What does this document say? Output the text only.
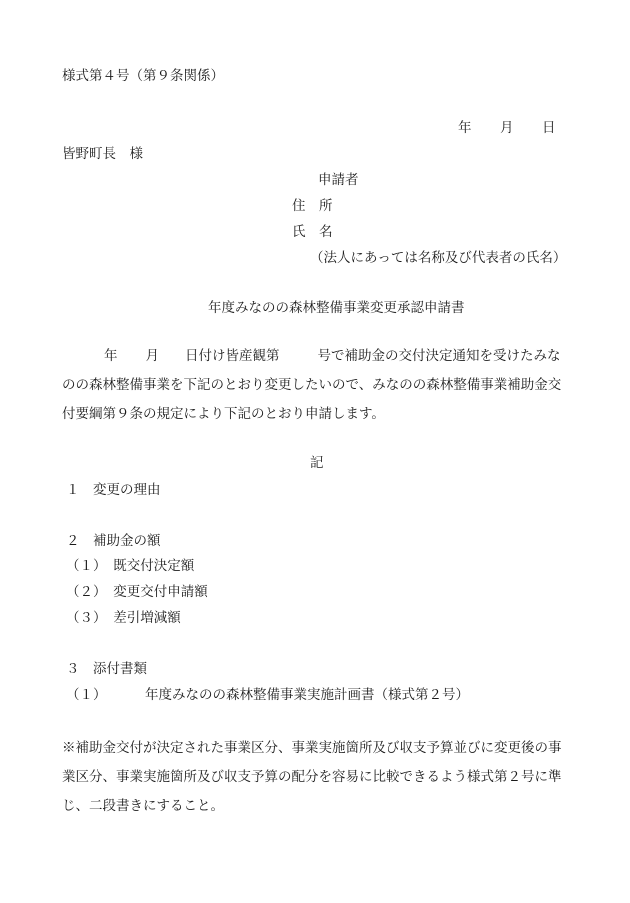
様式第４号（第９条関係）
年 月 日
皆野町長　様
申請者
住　所
氏　名
（法人にあっては名称及び代表者の氏名）
年度みなのの森林整備事業変更承認申請書
年 月 日付け皆産観第	号で補助金の交付決定通知を受けたみな
のの森林整備事業を下記のとおり変更したいので、みなのの森林整備事業補助金交
付要綱第９条の規定により下記のとおり申請します。
記
１　変更の理由
２　補助金の額
（１）　既交付決定額
（２）　変更交付申請額
（３）　差引増減額
３　添付書類
（１）	年度みなのの森林整備事業実施計画書（様式第２号）
※補助金交付が決定された事業区分、事業実施箇所及び収支予算並びに変更後の事
業区分、事業実施箇所及び収支予算の配分を容易に比較できるよう様式第２号に準
じ、二段書きにすること。
